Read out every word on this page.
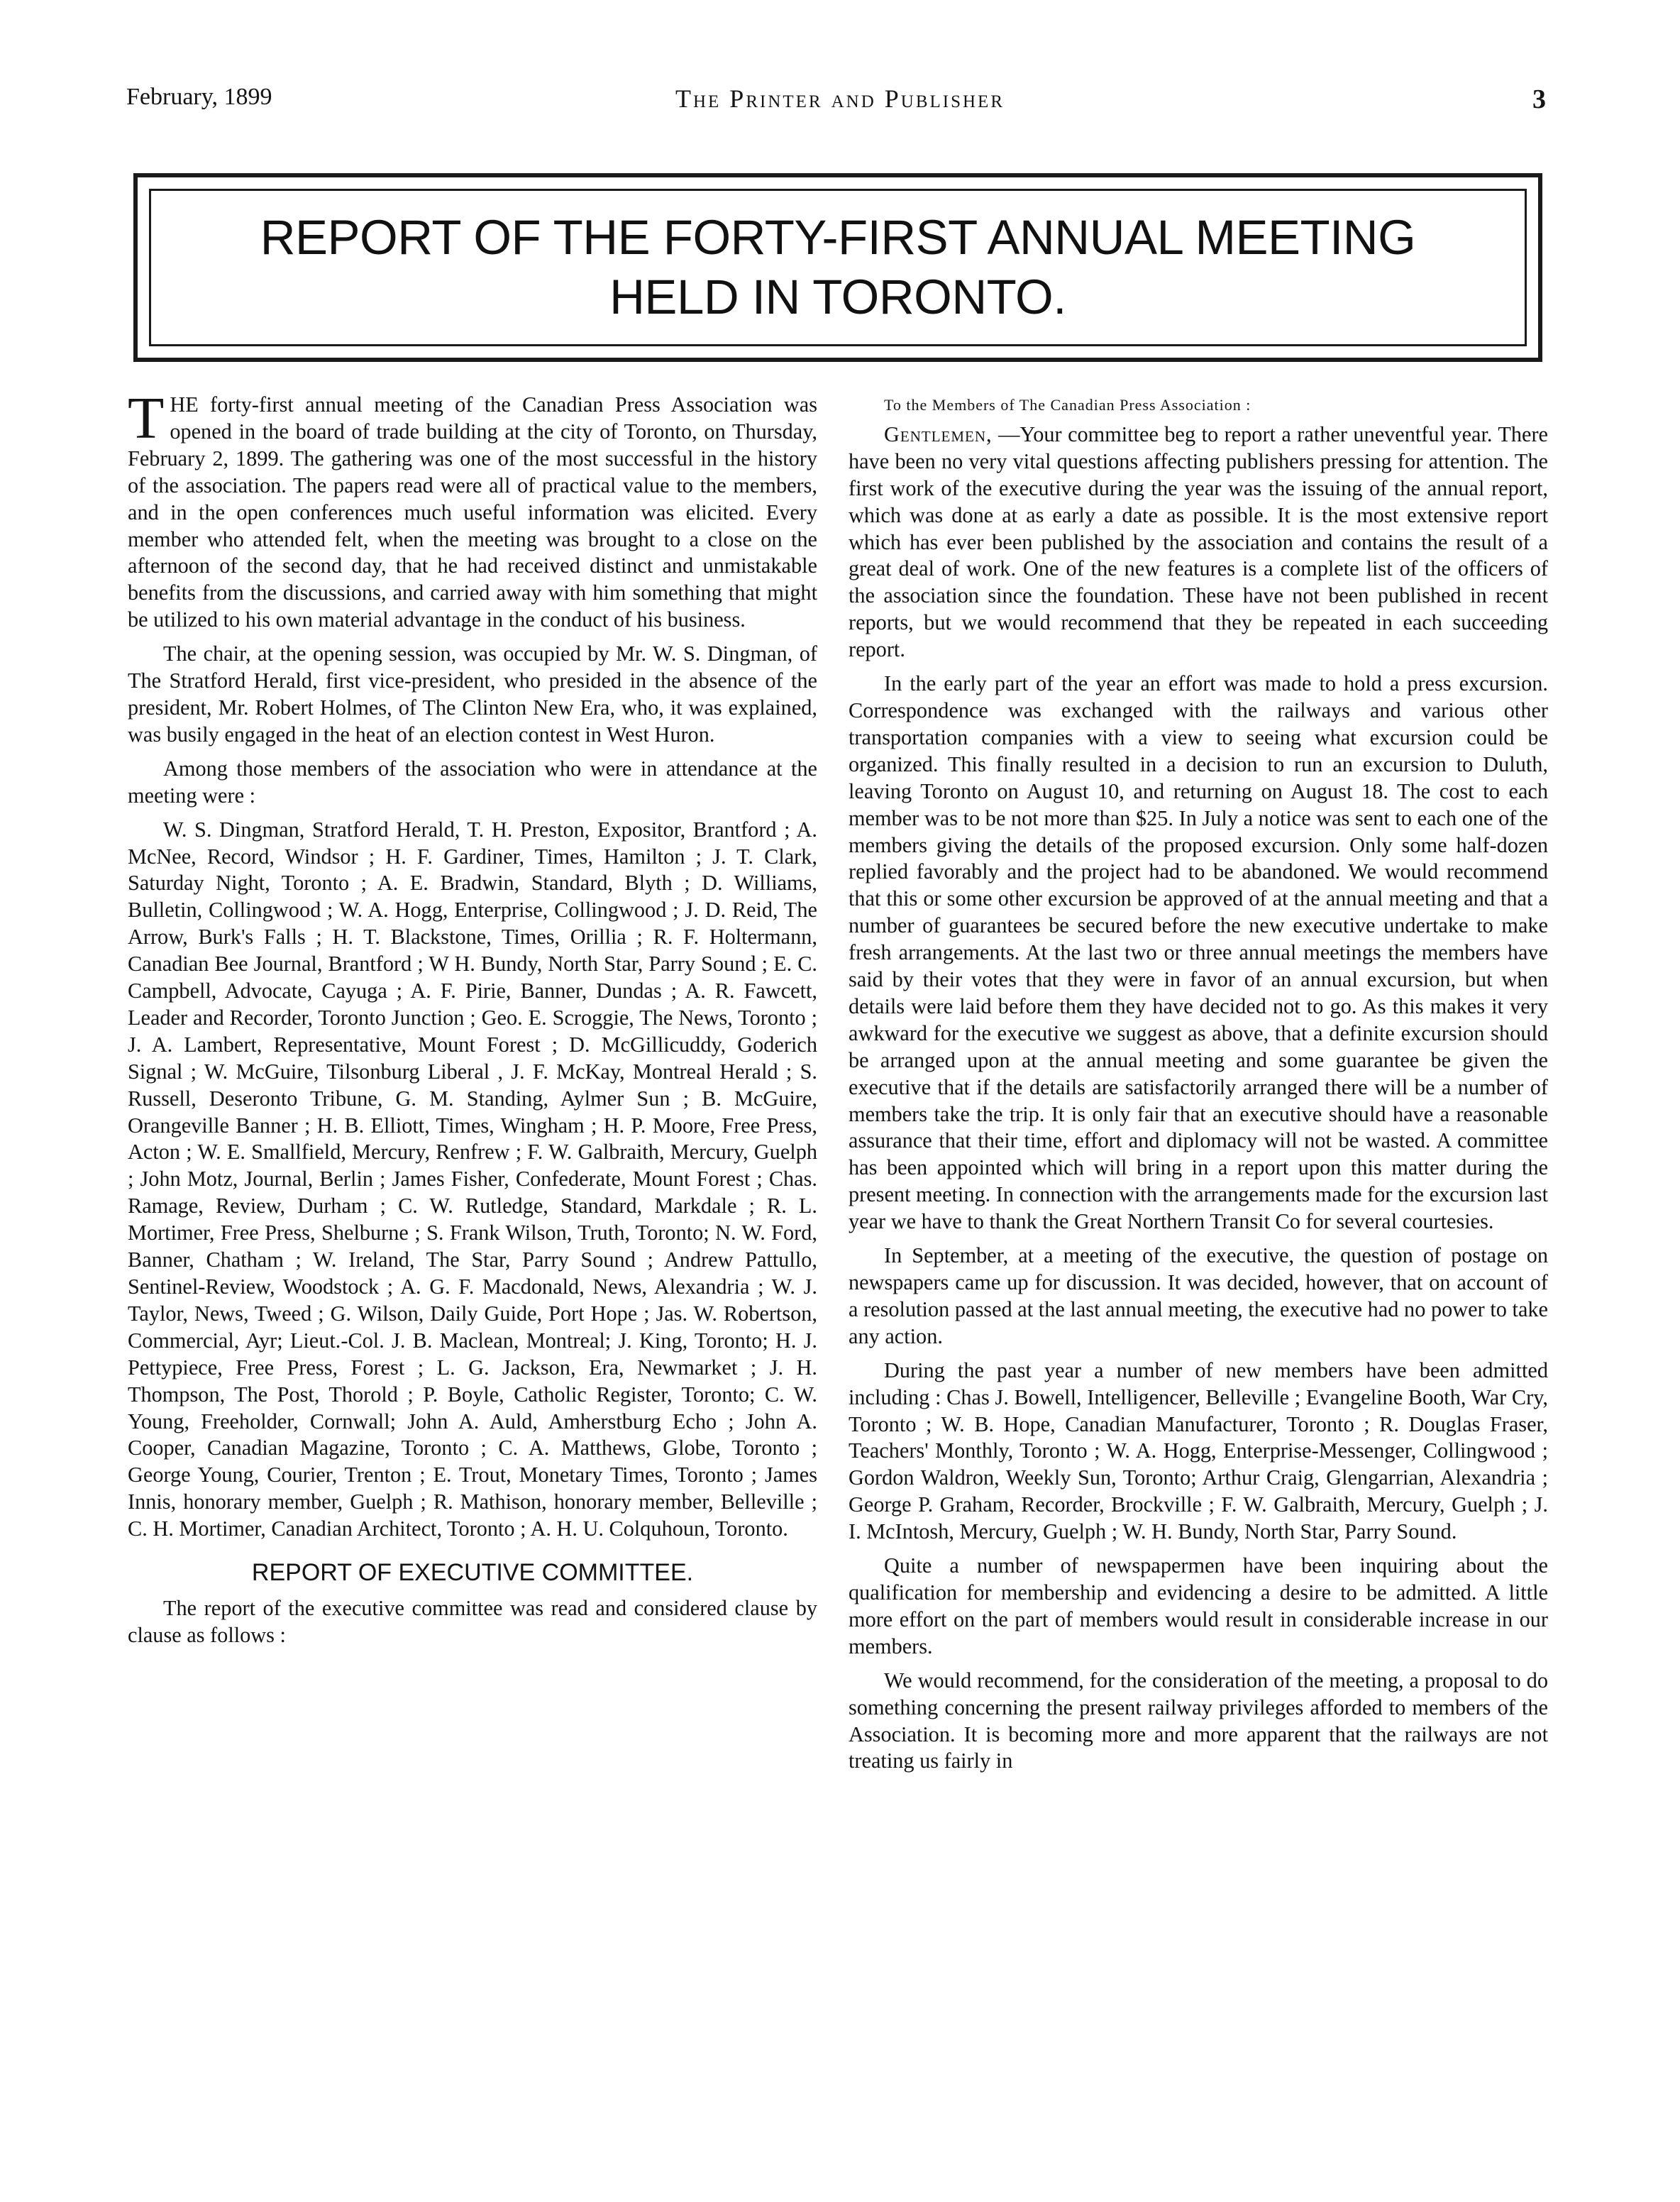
February, 1899	The Printer and Publisher	3
REPORT OF THE FORTY-FIRST ANNUAL MEETING
HELD IN TORONTO.

THE forty-first annual meeting of the Canadian Press Association was opened in the board of trade building at the city of Toronto, on Thursday, February 2, 1899. The gathering was one of the most successful in the history of the association. The papers read were all of practical value to the members, and in the open conferences much useful information was elicited. Every member who attended felt, when the meeting was brought to a close on the afternoon of the second day, that he had received distinct and unmistakable benefits from the discussions, and carried away with him something that might be utilized to his own material advantage in the conduct of his business.

The chair, at the opening session, was occupied by Mr. W. S. Dingman, of The Stratford Herald, first vice-president, who presided in the absence of the president, Mr. Robert Holmes, of The Clinton New Era, who, it was explained, was busily engaged in the heat of an election contest in West Huron.

Among those members of the association who were in attendance at the meeting were :

W. S. Dingman, Stratford Herald, T. H. Preston, Expositor, Brantford ; A. McNee, Record, Windsor ; H. F. Gardiner, Times, Hamilton ; J. T. Clark, Saturday Night, Toronto ; A. E. Bradwin, Standard, Blyth ; D. Williams, Bulletin, Collingwood ; W. A. Hogg, Enterprise, Collingwood ; J. D. Reid, The Arrow, Burk's Falls ; H. T. Blackstone, Times, Orillia ; R. F. Holtermann, Canadian Bee Journal, Brantford ; W H. Bundy, North Star, Parry Sound ; E. C. Campbell, Advocate, Cayuga ; A. F. Pirie, Banner, Dundas ; A. R. Fawcett, Leader and Recorder, Toronto Junction ; Geo. E. Scroggie, The News, Toronto ; J. A. Lambert, Representative, Mount Forest ; D. McGillicuddy, Goderich Signal ; W. McGuire, Tilsonburg Liberal , J. F. McKay, Montreal Herald ; S. Russell, Deseronto Tribune, G. M. Standing, Aylmer Sun ; B. McGuire, Orangeville Banner ; H. B. Elliott, Times, Wingham ; H. P. Moore, Free Press, Acton ; W. E. Smallfield, Mercury, Renfrew ; F. W. Galbraith, Mercury, Guelph ; John Motz, Journal, Berlin ; James Fisher, Confederate, Mount Forest ; Chas. Ramage, Review, Durham ; C. W. Rutledge, Standard, Markdale ; R. L. Mortimer, Free Press, Shelburne ; S. Frank Wilson, Truth, Toronto; N. W. Ford, Banner, Chatham ; W. Ireland, The Star, Parry Sound ; Andrew Pattullo, Sentinel-Review, Woodstock ; A. G. F. Macdonald, News, Alexandria ; W. J. Taylor, News, Tweed ; G. Wilson, Daily Guide, Port Hope ; Jas. W. Robertson, Commercial, Ayr; Lieut.-Col. J. B. Maclean, Montreal; J. King, Toronto; H. J. Pettypiece, Free Press, Forest ; L. G. Jackson, Era, Newmarket ; J. H. Thompson, The Post, Thorold ; P. Boyle, Catholic Register, Toronto; C. W. Young, Freeholder, Cornwall; John A. Auld, Amherstburg Echo ; John A. Cooper, Canadian Magazine, Toronto ; C. A. Matthews, Globe, Toronto ; George Young, Courier, Trenton ; E. Trout, Monetary Times, Toronto ; James Innis, honorary member, Guelph ; R. Mathison, honorary member, Belleville ; C. H. Mortimer, Canadian Architect, Toronto ; A. H. U. Colquhoun, Toronto.

REPORT OF EXECUTIVE COMMITTEE.

The report of the executive committee was read and considered clause by clause as follows :

To the Members of The Canadian Press Association :

Gentlemen, —Your committee beg to report a rather uneventful year. There have been no very vital questions affecting publishers pressing for attention. The first work of the executive during the year was the issuing of the annual report, which was done at as early a date as possible. It is the most extensive report which has ever been published by the association and contains the result of a great deal of work. One of the new features is a complete list of the officers of the association since the foundation. These have not been published in recent reports, but we would recommend that they be repeated in each succeeding report.

In the early part of the year an effort was made to hold a press excursion. Correspondence was exchanged with the railways and various other transportation companies with a view to seeing what excursion could be organized. This finally resulted in a decision to run an excursion to Duluth, leaving Toronto on August 10, and returning on August 18. The cost to each member was to be not more than $25. In July a notice was sent to each one of the members giving the details of the proposed excursion. Only some half-dozen replied favorably and the project had to be abandoned. We would recommend that this or some other excursion be approved of at the annual meeting and that a number of guarantees be secured before the new executive undertake to make fresh arrangements. At the last two or three annual meetings the members have said by their votes that they were in favor of an annual excursion, but when details were laid before them they have decided not to go. As this makes it very awkward for the executive we suggest as above, that a definite excursion should be arranged upon at the annual meeting and some guarantee be given the executive that if the details are satisfactorily arranged there will be a number of members take the trip. It is only fair that an executive should have a reasonable assurance that their time, effort and diplomacy will not be wasted. A committee has been appointed which will bring in a report upon this matter during the present meeting. In connection with the arrangements made for the excursion last year we have to thank the Great Northern Transit Co for several courtesies.

In September, at a meeting of the executive, the question of postage on newspapers came up for discussion. It was decided, however, that on account of a resolution passed at the last annual meeting, the executive had no power to take any action.

During the past year a number of new members have been admitted including : Chas J. Bowell, Intelligencer, Belleville ; Evangeline Booth, War Cry, Toronto ; W. B. Hope, Canadian Manufacturer, Toronto ; R. Douglas Fraser, Teachers' Monthly, Toronto ; W. A. Hogg, Enterprise-Messenger, Collingwood ; Gordon Waldron, Weekly Sun, Toronto; Arthur Craig, Glengarrian, Alexandria ; George P. Graham, Recorder, Brockville ; F. W. Galbraith, Mercury, Guelph ; J. I. McIntosh, Mercury, Guelph ; W. H. Bundy, North Star, Parry Sound.

Quite a number of newspapermen have been inquiring about the qualification for membership and evidencing a desire to be admitted. A little more effort on the part of members would result in considerable increase in our members.

We would recommend, for the consideration of the meeting, a proposal to do something concerning the present railway privileges afforded to members of the Association. It is becoming more and more apparent that the railways are not treating us fairly in
